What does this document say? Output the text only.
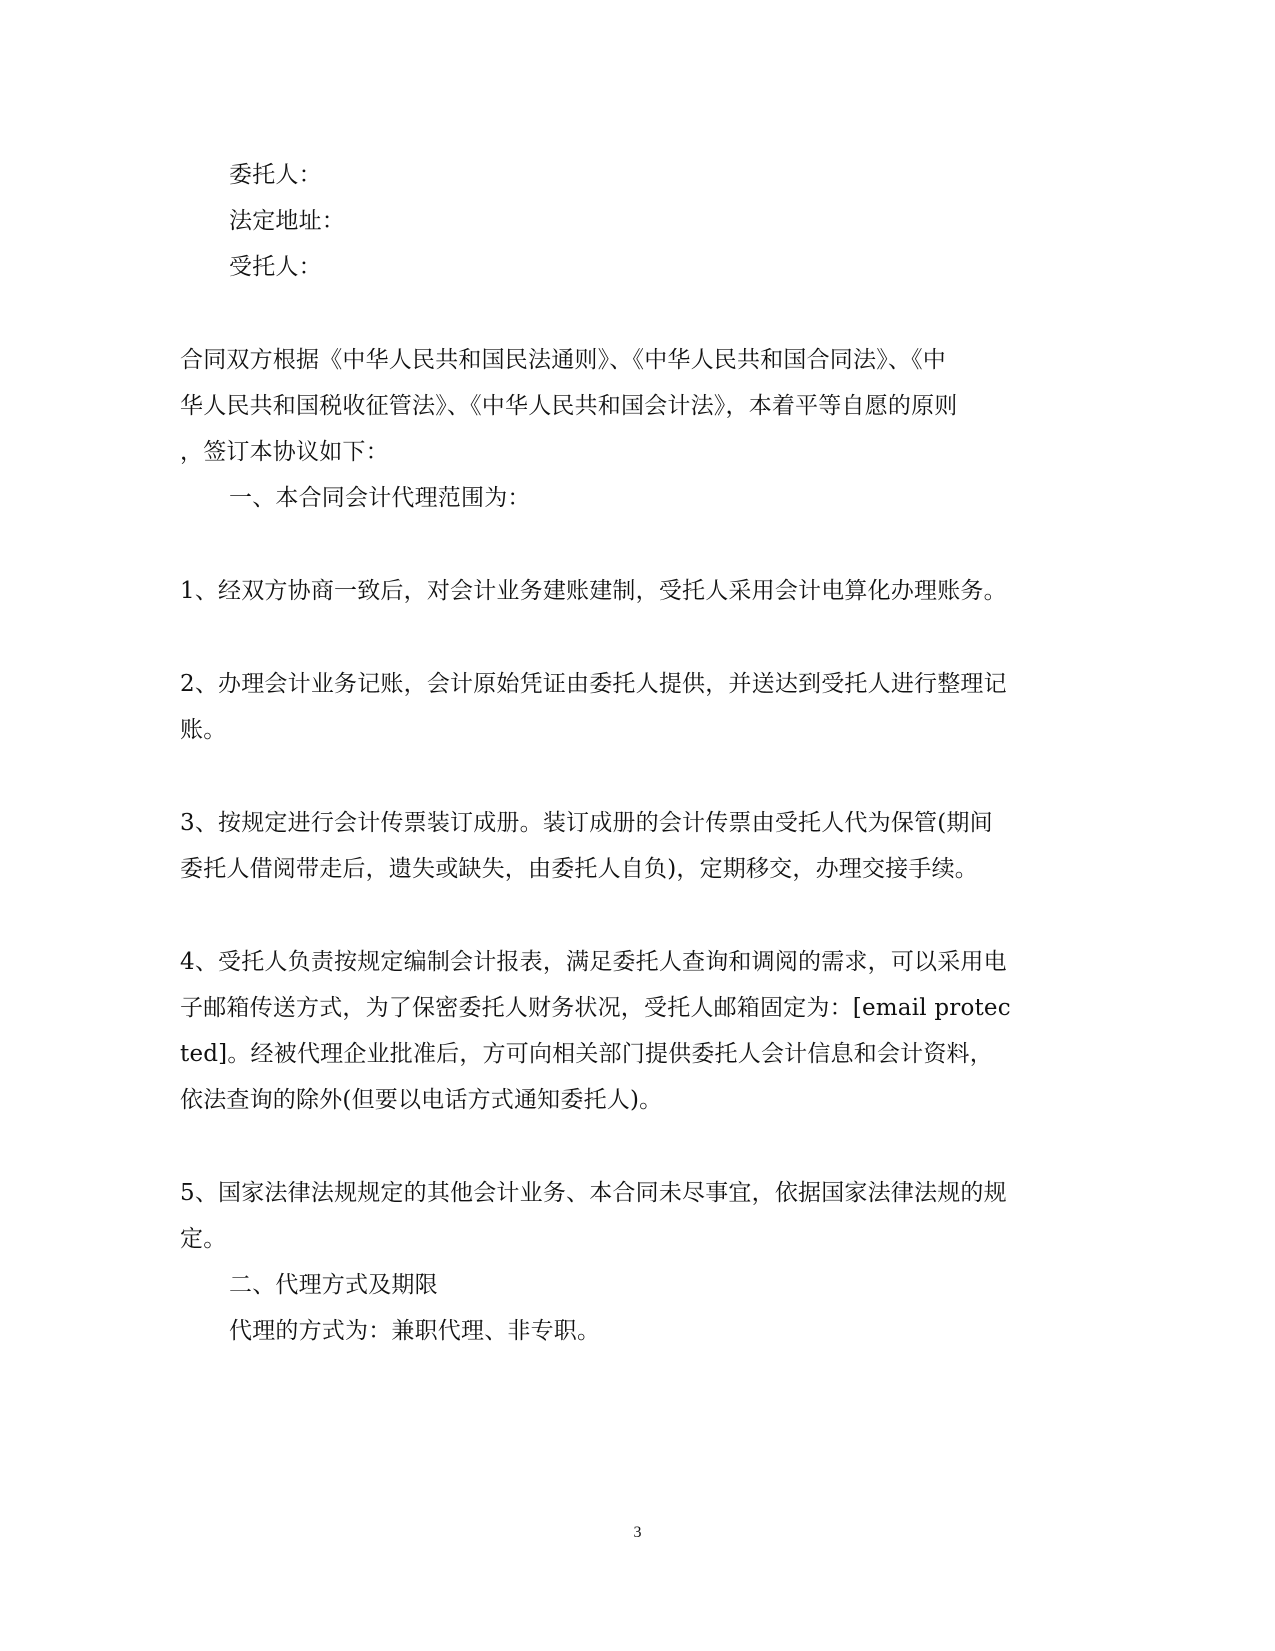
委托人：
法定地址：
受托人：
合同双方根据《中华人民共和国民法通则》、《中华人民共和国合同法》、《中
华人民共和国税收征管法》、《中华人民共和国会计法》，本着平等自愿的原则
，签订本协议如下：
一、本合同会计代理范围为：
1、经双方协商一致后，对会计业务建账建制，受托人采用会计电算化办理账务。
2、办理会计业务记账，会计原始凭证由委托人提供，并送达到受托人进行整理记
账。
3、按规定进行会计传票装订成册。装订成册的会计传票由受托人代为保管(期间
委托人借阅带走后，遗失或缺失，由委托人自负)，定期移交，办理交接手续。
4、受托人负责按规定编制会计报表，满足委托人查询和调阅的需求，可以采用电
子邮箱传送方式，为了保密委托人财务状况，受托人邮箱固定为：[email protec
ted]。经被代理企业批准后，方可向相关部门提供委托人会计信息和会计资料，
依法查询的除外(但要以电话方式通知委托人)。
5、国家法律法规规定的其他会计业务、本合同未尽事宜，依据国家法律法规的规
定。
二、代理方式及期限
代理的方式为：兼职代理、非专职。
3
